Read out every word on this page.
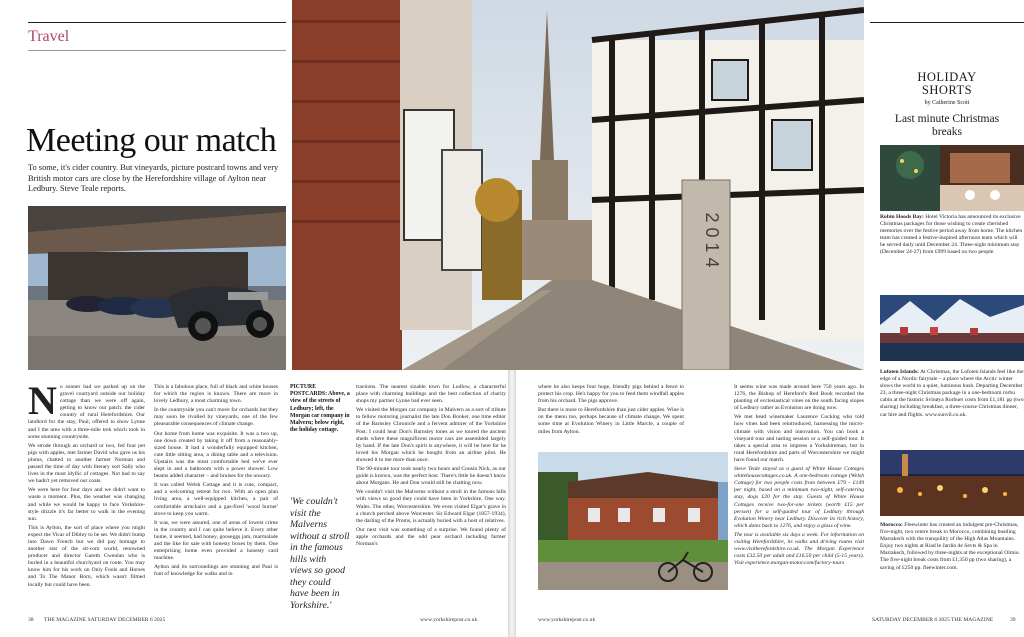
Travel
Meeting our match
To some, it's cider country. But vineyards, picture postcard towns and very British motor cars are close by the Herefordshire village of Aylton near Ledbury. Steve Teale reports.

No sooner had we parked up on the gravel courtyard outside our holiday cottage than we were off again, getting to know our patch: the cider country of rural Herefordshire. Our landlord for the stay, Paul, offered to show Lynne and I the area with a three-mile trek which took in some stunning countryside.

We strode through an orchard or two, fed four pet pigs with apples, met farmer David who gave us his plums, chatted to another farmer Norman and passed the time of day with literary sort Sally who lives in the most idyllic of cottages. Not bad to say we hadn't yet removed our coats.

We were here for four days and we didn't want to waste a moment. Plus, the weather was changing and while we would be happy to face Yorkshire-style drizzle it's far better to walk in the evening sun.

This is Aylton, the sort of place where you might expect the Vicar of Dibley to be set. We didn't bump into Dawn French but we did pay homage to another star of the sit-com world, renowned producer and director Gareth Gwenlan who is buried in a beautiful churchyard on route. You may know him for his work on Only Fools and Horses and To The Manor Born, which wasn't filmed locally but could have been.

This is a fabulous place, full of black and white houses for which the region is known. There are more in lovely Ledbury, a most charming town.

In the countryside you can't move for orchards but they may soon be rivalled by vineyards, one of the few pleasurable consequences of climate change.

Our home from home was exquisite. It was a two up, one down created by taking it off from a reasonably-sized house. It had a wonderfully equipped kitchen, cute little sitting area, a dining table and a television. Upstairs was the most comfortable bed we've ever slept in and a bathroom with a power shower. Low beams added character – and bruises for the unwary.

It was called Welsh Cottage and it is cute, compact, and a welcoming retreat for two. With an open plan living area, a well-equipped kitchen, a pair of comfortable armchairs and a gas-fired 'wood burner' stove to keep you warm.

It was, we were assured, one of areas of lowest crime in the country and I can quite believe it. Every other home, it seemed, had honey, gooseggs jam, marmalade and the like for sale with honesty boxes by them. One enterprising home even provided a honesty card machine.

Aylton and its surroundings are stunning and Paul is font of knowledge for walks and in

PICTURE POSTCARDS: Above, a view of the streets of Ledbury; left, the Morgan car company in Malvern; below right, the holiday cottage.
'We couldn't visit the Malverns without a stroll in the famous hills with views so good they could have been in Yorkshire.'

tractions. The nearest sizable town for Ludlow, a characterful place with charming buildings and the best collection of charity shops my partner Lynne had ever seen.

We visited the Morgan car company in Malvern as a sort of tribute to fellow motoring journalist the late Don Booker, one time editor of the Barnsley Chronicle and a fervent admirer of the Yorkshire Post. I could hear Don's Barnsley tones as we toured the ancient sheds where these magnificent motor cars are assembled largely by hand. If the late Don's spirit is anywhere, it will be here for he loved his Morgan which he bought from an airline pilot. He showed it to me more than once.

The 90-minute tour took nearly two hours and Cousin Nick, as our guide is known, was the perfect host. There's little he doesn't know about Morgans. He and Don would still be chatting now.

We couldn't visit the Malverns without a stroll in the famous hills with views so good they could have been in Yorkshire. One way. Wales. The other, Worcestershire. We even visited Elgar's grave in a church perched above Worcester. Sir Edward Elgar (1857-1934), the darling of the Proms, is actually buried with a host of relatives.

Our next visit was something of a surprise. We found plenty of apple orchards and the odd pear orchard including farmer Norman's

38 THE MAGAZINE SATURDAY DECEMBER 6 2025	www.yorkshirepost.co.uk
HOLIDAY
SHORTS
by Catherine Scott
Last minute Christmas breaks
Robin Hoods Bay: Hotel Victoria has announced its exclusive Christmas packages for those wishing to create cherished memories over the festive period away from home. The kitchen team has created a festive-inspired afternoon team which will be served daily until December 24. Three-night minimum stay (December 24-27) from £999 based on two people.
Lofoten Islands: At Christmas, the Lofoten Islands feel like the edge of a Nordic fairytale – a place where the Arctic winter slows the world to a quiet, luminous hush. Departing December 23, a three-night Christmas package in a one-bedroom rorbu cabin at the historic Svinøya Rorbuer costs from £1,181 pp (two sharing) including breakfast, a three-course Christmas dinner, car hire and flights. www.sunvil.co.uk.
Morocco: Fleewinter has created an indulgent pre-Christmas, five-night, two centre break to Morocco, combining bustling Marrakech with the tranquility of the High Atlas Mountains. Enjoy two nights at Riad le Jardin de Sevts & Spa in Marrakech, followed by three-nights at the exceptional Olmio. The five-night break costs from £1,350 pp (two sharing), a saving of £250 pp. fleewinter.com.

where he also keeps four huge, friendly pigs behind a fence to protect his crop. He's happy for you to feed them windfall apples from his orchard. The pigs approve.

But there is more to Herefordshire than just cider apples. Wine is on the menu too, perhaps because of climate change. We spent some time at Evolution Winery in Little Marcle, a couple of miles from Aylton.

It seems wine was made around here 750 years ago. In 1276, the Bishop of Hereford's Red Book recorded the planting of ecclesiastical vines on the south facing slopes of Ledbury rather as Evolution are doing now.

We met head winemaker Laurence Cocking who told how vines had been reintroduced, harnessing the micro-climate with vision and innovation. You can book a vineyard tour and tasting session or a self-guided tour. It takes a special area to impress a Yorkshireman, but in rural Herefordshire and parts of Worcestershire we might have found our match.

Steve Teale stayed as a guest of White House Cottages whitehousecottages.co.uk. A one-bedroom cottage (Welsh Cottage) for two people costs from between £79 – £149 per night, based on a minimum two-night, self-catering stay, dogs £20 for the stay. Guests of White House Cottages receive two-for-one tickets (worth £15 per person) for a self-guided tour of Ledbury through Evolution Winery near Ledbury. Discover its rich history, which dates back to 1276, and enjoy a glass of wine.

The tour is available six days a week. For information on visiting Herefordshire, its walks and driving routes visit www.visitherefordshire.co.uk. The Morgan Experience costs £32.50 per adult and £16.50 per child (5-15 years). Visit experience.morgan-motor.com/factory-tours

www.yorkshirepost.co.uk	SATURDAY DECEMBER 6 2025 THE MAGAZINE	39
2 0 1 4
